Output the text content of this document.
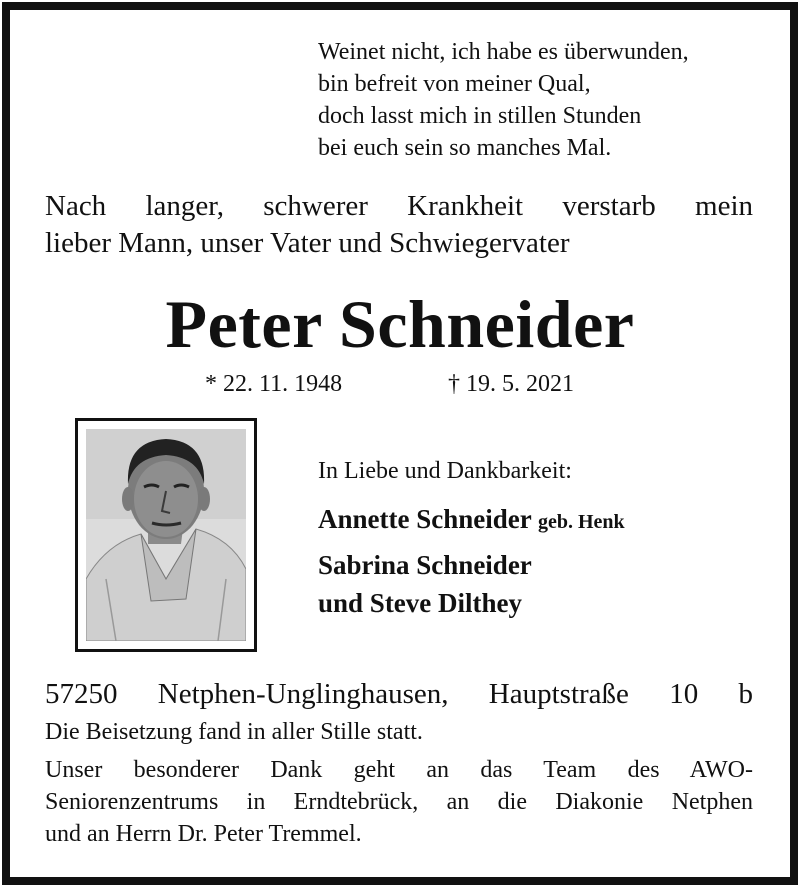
Weinet nicht, ich habe es überwunden,
bin befreit von meiner Qual,
doch lasst mich in stillen Stunden
bei euch sein so manches Mal.
Nach langer, schwerer Krankheit verstarb mein
lieber Mann, unser Vater und Schwiegervater
Peter Schneider
* 22. 11. 1948	† 19. 5. 2021
In Liebe und Dankbarkeit:
Annette Schneider geb. Henk
Sabrina Schneider
und Steve Dilthey
57250 Netphen-Unglinghausen, Hauptstraße 10 b
Die Beisetzung fand in aller Stille statt.
Unser besonderer Dank geht an das Team des AWO-
Seniorenzentrums in Erndtebrück, an die Diakonie Netphen
und an Herrn Dr. Peter Tremmel.
